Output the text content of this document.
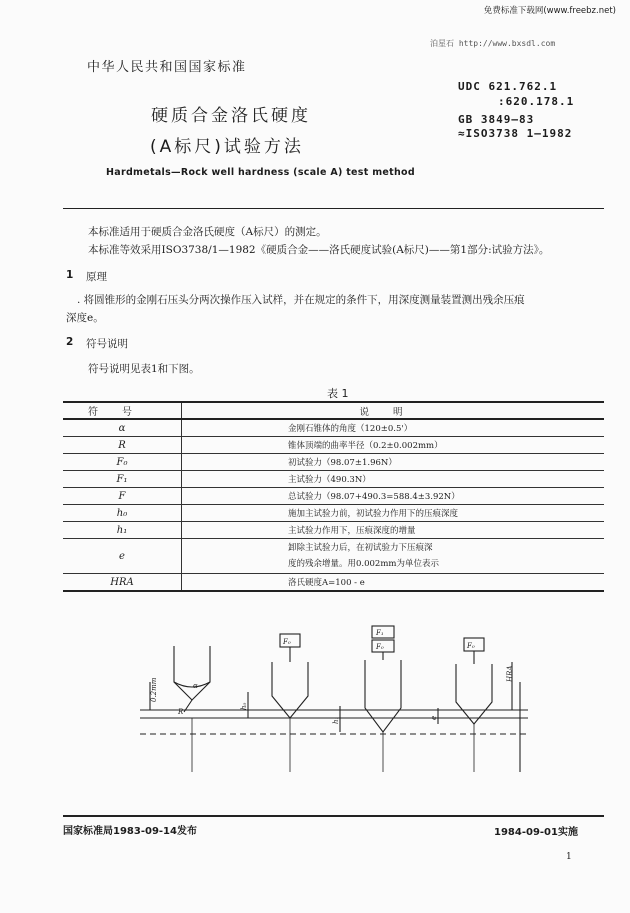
免费标准下载网(www.freebz.net)
泊星石 http://www.bxsdl.com
中华人民共和国国家标准
UDC 621.762.1
:620.178.1
GB 3849—83
≈ISO3738 1—1982
硬质合金洛氏硬度
(A标尺)试验方法
Hardmetals—Rock well hardness (scale A) test method
本标准适用于硬质合金洛氏硬度（A标尺）的测定。
本标准等效采用ISO3738/1—1982《硬质合金——洛氏硬度试验(A标尺)——第1部分:试验方法》。
1 原理
. 将圆锥形的金刚石压头分两次操作压入试样，并在规定的条件下，用深度测量装置测出残余压痕
深度e。
2 符号说明
符号说明见表1和下图。
表 1
符号	说明
α	金刚石锥体的角度（120±0.5'）
R	锥体顶端的曲率半径（0.2±0.002mm）
F₀	初试验力（98.07±1.96N）
F₁	主试验力（490.3N）
F	总试验力（98.07+490.3=588.4±3.92N）
h₀	施加主试验力前，初试验力作用下的压痕深度
h₁	主试验力作用下，压痕深度的增量
e	卸除主试验力后，在初试验力下压痕深
度的残余增量。用0.002mm为单位表示

HRA	洛氏硬度A=100 - e
F₀
F₁
F₀	F₀
α
R
0.2mm
h₀
h₁	e
HRA
国家标准局1983-09-14发布	1984-09-01实施
1
